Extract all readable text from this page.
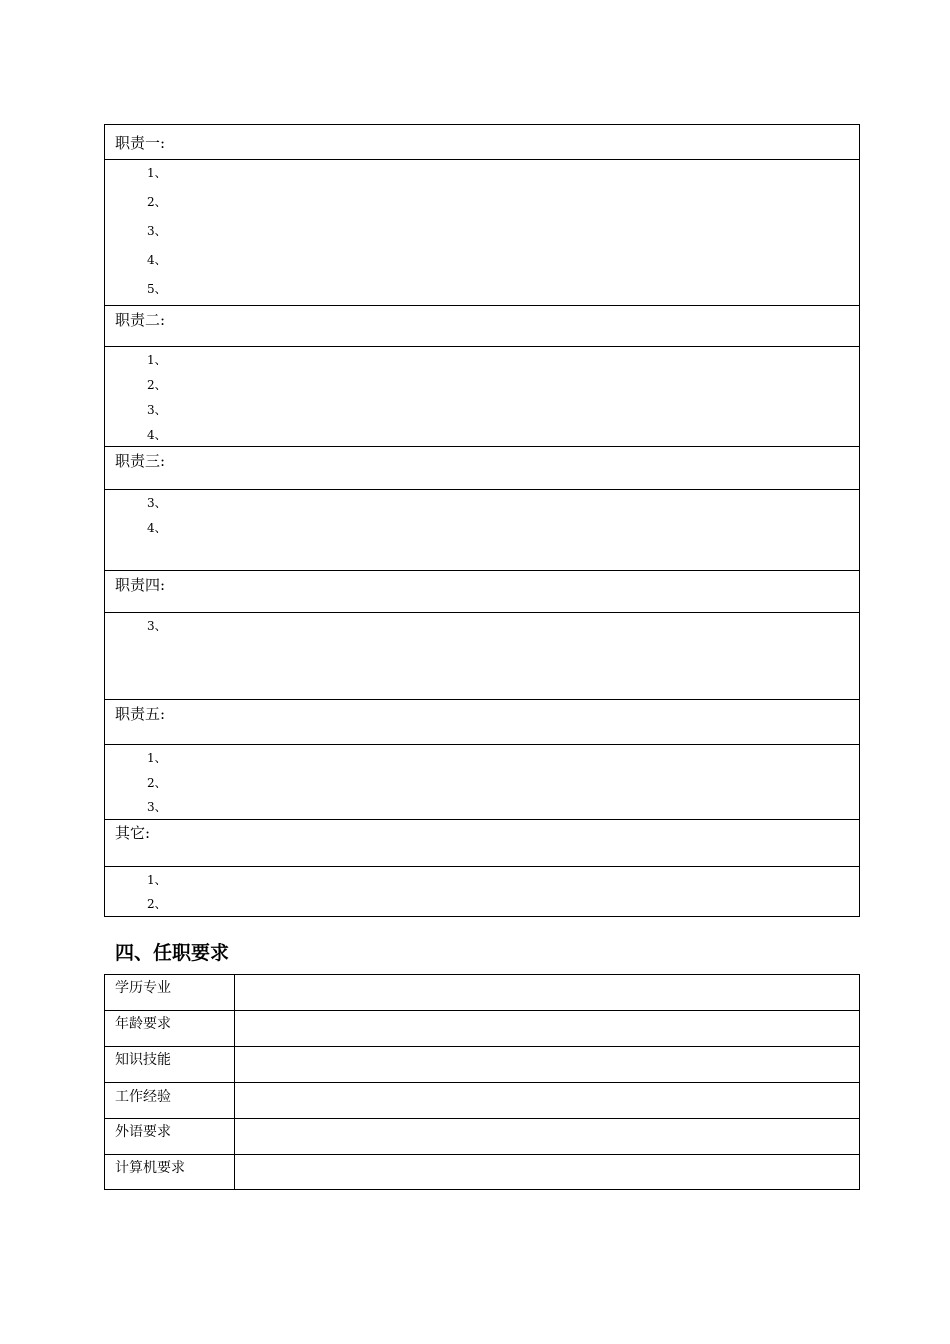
职责一:
1、
2、
3、
4、
5、
职责二:
1、
2、
3、
4、
职责三:
3、
4、
职责四:
3、
职责五:
1、
2、
3、
其它:
1、
2、
四、任职要求
学历专业
年龄要求
知识技能
工作经验
外语要求
计算机要求
